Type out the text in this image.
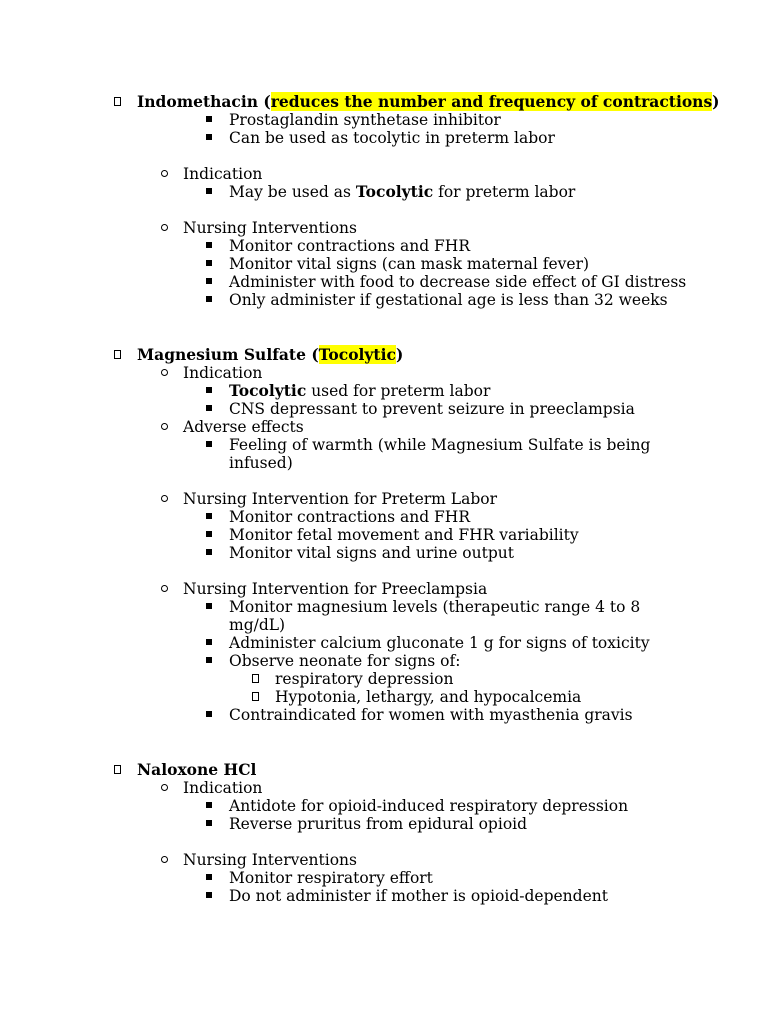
Indomethacin (reduces the number and frequency of contractions)
Prostaglandin synthetase inhibitor
Can be used as tocolytic in preterm labor
Indication
May be used as Tocolytic for preterm labor
Nursing Interventions
Monitor contractions and FHR
Monitor vital signs (can mask maternal fever)
Administer with food to decrease side effect of GI distress
Only administer if gestational age is less than 32 weeks
Magnesium Sulfate (Tocolytic)
Indication
Tocolytic used for preterm labor
CNS depressant to prevent seizure in preeclampsia
Adverse effects
Feeling of warmth (while Magnesium Sulfate is being
infused)
Nursing Intervention for Preterm Labor
Monitor contractions and FHR
Monitor fetal movement and FHR variability
Monitor vital signs and urine output
Nursing Intervention for Preeclampsia
Monitor magnesium levels (therapeutic range 4 to 8
mg/dL)
Administer calcium gluconate 1 g for signs of toxicity
Observe neonate for signs of:
respiratory depression
Hypotonia, lethargy, and hypocalcemia
Contraindicated for women with myasthenia gravis
Naloxone HCl
Indication
Antidote for opioid-induced respiratory depression
Reverse pruritus from epidural opioid
Nursing Interventions
Monitor respiratory effort
Do not administer if mother is opioid-dependent
